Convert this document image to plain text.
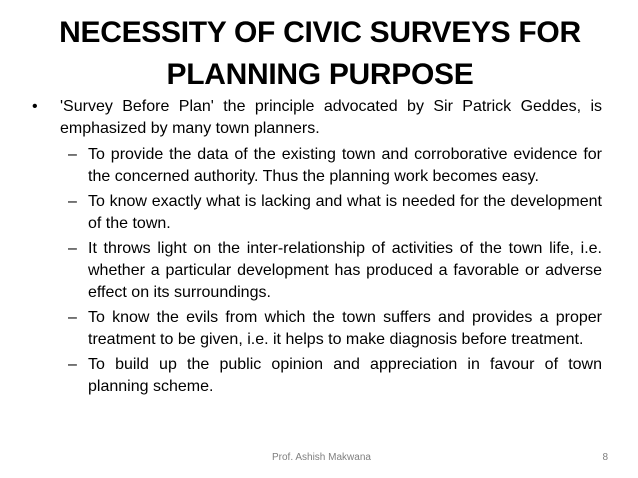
NECESSITY OF CIVIC SURVEYS FOR
PLANNING PURPOSE
•	'Survey Before Plan' the principle advocated by Sir Patrick Geddes, is emphasized by many town planners.
– To provide the data of the existing town and corroborative evidence for the concerned authority. Thus the planning work becomes easy.
– To know exactly what is lacking and what is needed for the development of the town.
– It throws light on the inter-relationship of activities of the town life, i.e. whether a particular development has produced a favorable or adverse effect on its surroundings.
– To know the evils from which the town suffers and provides a proper treatment to be given, i.e. it helps to make diagnosis before treatment.
– To build up the public opinion and appreciation in favour of town planning scheme.
Prof. Ashish Makwana	8
